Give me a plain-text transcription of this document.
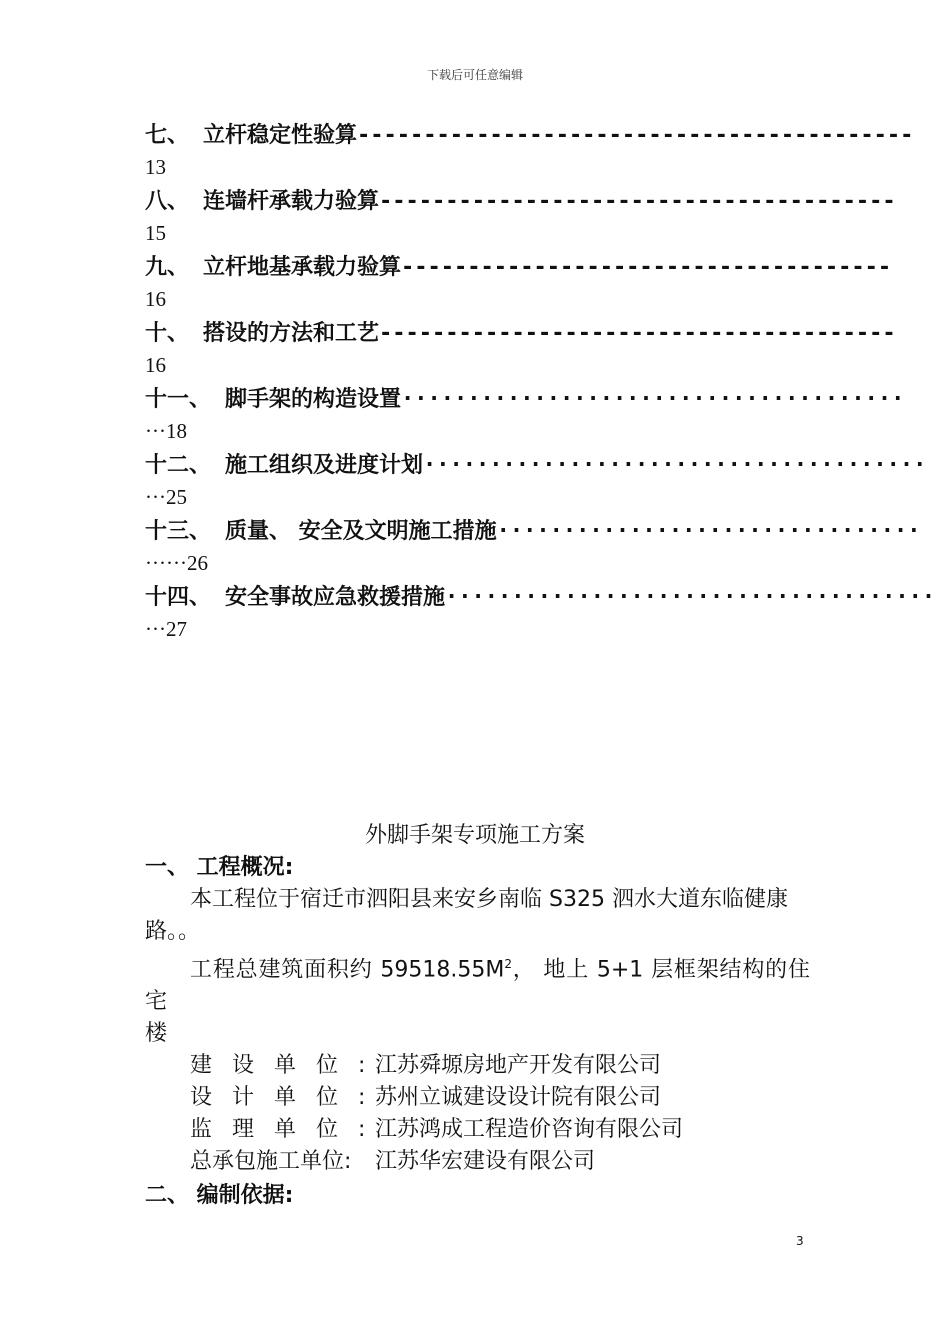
下载后可任意编辑
七、 立杆稳定性验算------------------------------------------
13
八、 连墙杆承载力验算---------------------------------------
15
九、 立杆地基承载力验算-------------------------------------
16
十、 搭设的方法和工艺---------------------------------------
16
十一、 脚手架的构造设置······································
···18
十二、 施工组织及进度计划······································
···25
十三、 质量、 安全及文明施工措施································
······26
十四、 安全事故应急救援措施·····································
···27
外脚手架专项施工方案
一、 工程概况:
本工程位于宿迁市泗阳县来安乡南临 S325 泗水大道东临健康
路。。
工程总建筑面积约 $59518.55M^2$， 地上 5+1 层框架结构的住宅
楼
建设单位:江苏舜塬房地产开发有限公司
设计单位:苏州立诚建设设计院有限公司
监理单位:江苏鸿成工程造价咨询有限公司
总承包施工单位: 江苏华宏建设有限公司
二、 编制依据:
3
